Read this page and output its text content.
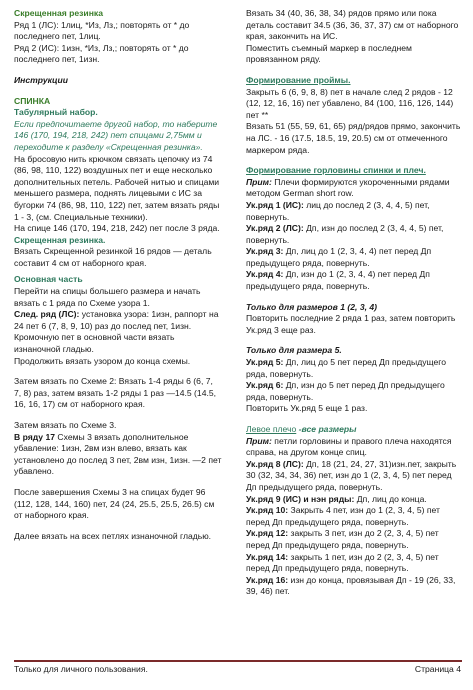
Скрещенная резинка

Ряд 1 (ЛС): 1лиц, *Из, Лз,; повторять от * до последнего пет, 1лиц.

Ряд 2 (ИС): 1изн, *Из, Лз,; повторять от * до последнего пет, 1изн.

Инструкции

СПИНКА

Табулярный набор.

Если предпочитаете другой набор, то наберите 146 (170, 194, 218, 242) пет спицами 2,75мм и переходите к разделу «Скрещенная резинка».

На бросовую нить крючком связать цепочку из 74 (86, 98, 110, 122) воздушных пет и еще несколько дополнительных петель. Рабочей нитью и спицами меньшего размера, поднять лицевыми с ИС за бугорки 74 (86, 98, 110, 122) пет, затем вязать ряды 1 - 3, (см. Специальные техники).

На спице 146 (170, 194, 218, 242) пет после 3 ряда.

Скрещенная резинка.

Вязать Скрещенной резинкой 16 рядов — деталь составит 4 см от наборного края.

Основная часть

Перейти на спицы большего размера и начать вязать с 1 ряда по Схеме узора 1.

След. ряд (ЛС): установка узора: 1изн, раппорт на 24 пет 6 (7, 8, 9, 10) раз до послед пет, 1изн. Кромочную пет в основной части вязать изнаночной гладью.

Продолжить вязать узором до конца схемы.

Затем вязать по Схеме 2: Вязать 1-4 ряды 6 (6, 7, 7, 8) раз, затем вязать 1-2 ряды 1 раз —14.5 (14.5, 16, 16, 17) см от наборного края.

Затем вязать по Схеме 3.

В ряду 17 Схемы 3 вязать дополнительное убавление: 1изн, 2вм изн влево, вязать как установлено до послед 3 пет, 2вм изн, 1изн. —2 пет убавлено.

После завершения Схемы 3 на спицах будет 96 (112, 128, 144, 160) пет, 24 (24, 25.5, 25.5, 26.5) см от наборного края.

Далее вязать на всех петлях изнаночной гладью.

Вязать 34 (40, 36, 38, 34) рядов прямо или пока деталь составит 34.5 (36, 36, 37, 37) см от наборного края, закончить на ИС.

Поместить съемный маркер в последнем провязанном ряду.

Формирование проймы.

Закрыть 6 (6, 9, 8, 8) пет в начале след 2 рядов - 12 (12, 12, 16, 16) пет убавлено, 84 (100, 116, 126, 144) пет **

Вязать 51 (55, 59, 61, 65) ряд/рядов прямо, закончить на ЛС. - 16 (17.5, 18.5, 19, 20.5) см от отмеченного маркером ряда.

Формирование горловины спинки и плеч.

Прим: Плечи формируются укороченными рядами методом German short row.

Ук.ряд 1 (ИС): лиц до послед 2 (3, 4, 4, 5) пет, повернуть.

Ук.ряд 2 (ЛС): Дп, изн до послед 2 (3, 4, 4, 5) пет, повернуть.

Ук.ряд 3: Дп, лиц до 1 (2, 3, 4, 4) пет перед Дп предыдущего ряда, повернуть.

Ук.ряд 4: Дп, изн до 1 (2, 3, 4, 4) пет перед Дп предыдущего ряда, повернуть.

Только для размеров 1 (2, 3, 4)

Повторить последние 2 ряда 1 раз, затем повторить Ук.ряд 3 еще раз.

Только для размера 5.

Ук.ряд 5: Дп, лиц до 5 пет перед Дп предыдущего ряда, повернуть.

Ук.ряд 6: Дп, изн до 5 пет перед Дп предыдущего ряда, повернуть.

Повторить Ук.ряд 5 еще 1 раз.

Левое плечо -все размеры

Прим: петли горловины и правого плеча находятся справа, на другом конце спиц.

Ук.ряд 8 (ЛС): Дп, 18 (21, 24, 27, 31)изн.пет, закрыть 30 (32, 34, 34, 36) пет, изн до 1 (2, 3, 4, 5) пет перед Дп предыдущего ряда, повернуть.

Ук.ряд 9 (ИС) и нэн ряды: Дп, лиц до конца.

Ук.ряд 10: Закрыть 4 пет, изн до 1 (2, 3, 4, 5) пет перед Дп предыдущего ряда, повернуть.

Ук.ряд 12: закрыть 3 пет, изн до 2 (2, 3, 4, 5) пет перед Дп предыдущего ряда, повернуть.

Ук.ряд 14: закрыть 1 пет, изн до 2 (2, 3, 4, 5) пет перед Дп предыдущего ряда, повернуть.

Ук.ряд 16: изн до конца, провязывая Дп - 19 (26, 33, 39, 46) пет.

Только для личного пользования.	Страница 4
